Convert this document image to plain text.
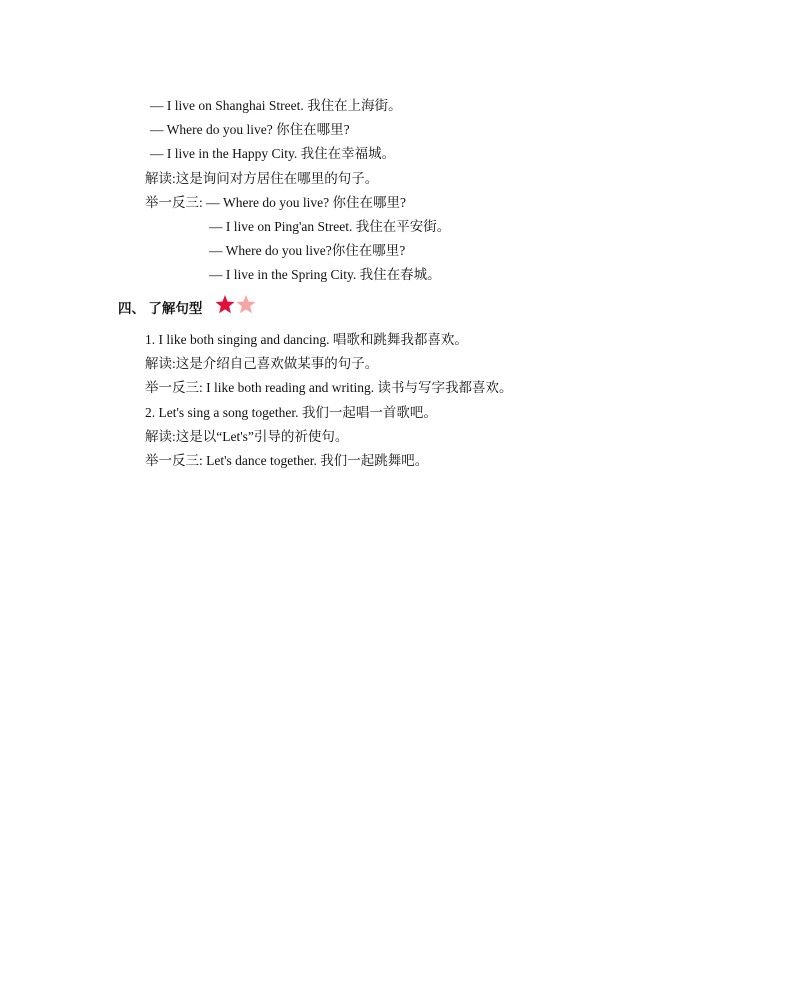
— I live on Shanghai Street. 我住在上海街。
— Where do you live? 你住在哪里?
— I live in the Happy City. 我住在幸福城。
解读:这是询问对方居住在哪里的句子。
举一反三: — Where do you live? 你住在哪里?
— I live on Ping'an Street. 我住在平安街。
— Where do you live?你住在哪里?
— I live in the Spring City. 我住在春城。
四、 了解句型
1. I like both singing and dancing. 唱歌和跳舞我都喜欢。
解读:这是介绍自己喜欢做某事的句子。
举一反三: I like both reading and writing. 读书与写字我都喜欢。
2. Let's sing a song together. 我们一起唱一首歌吧。
解读:这是以“Let's”引导的祈使句。
举一反三: Let's dance together. 我们一起跳舞吧。
